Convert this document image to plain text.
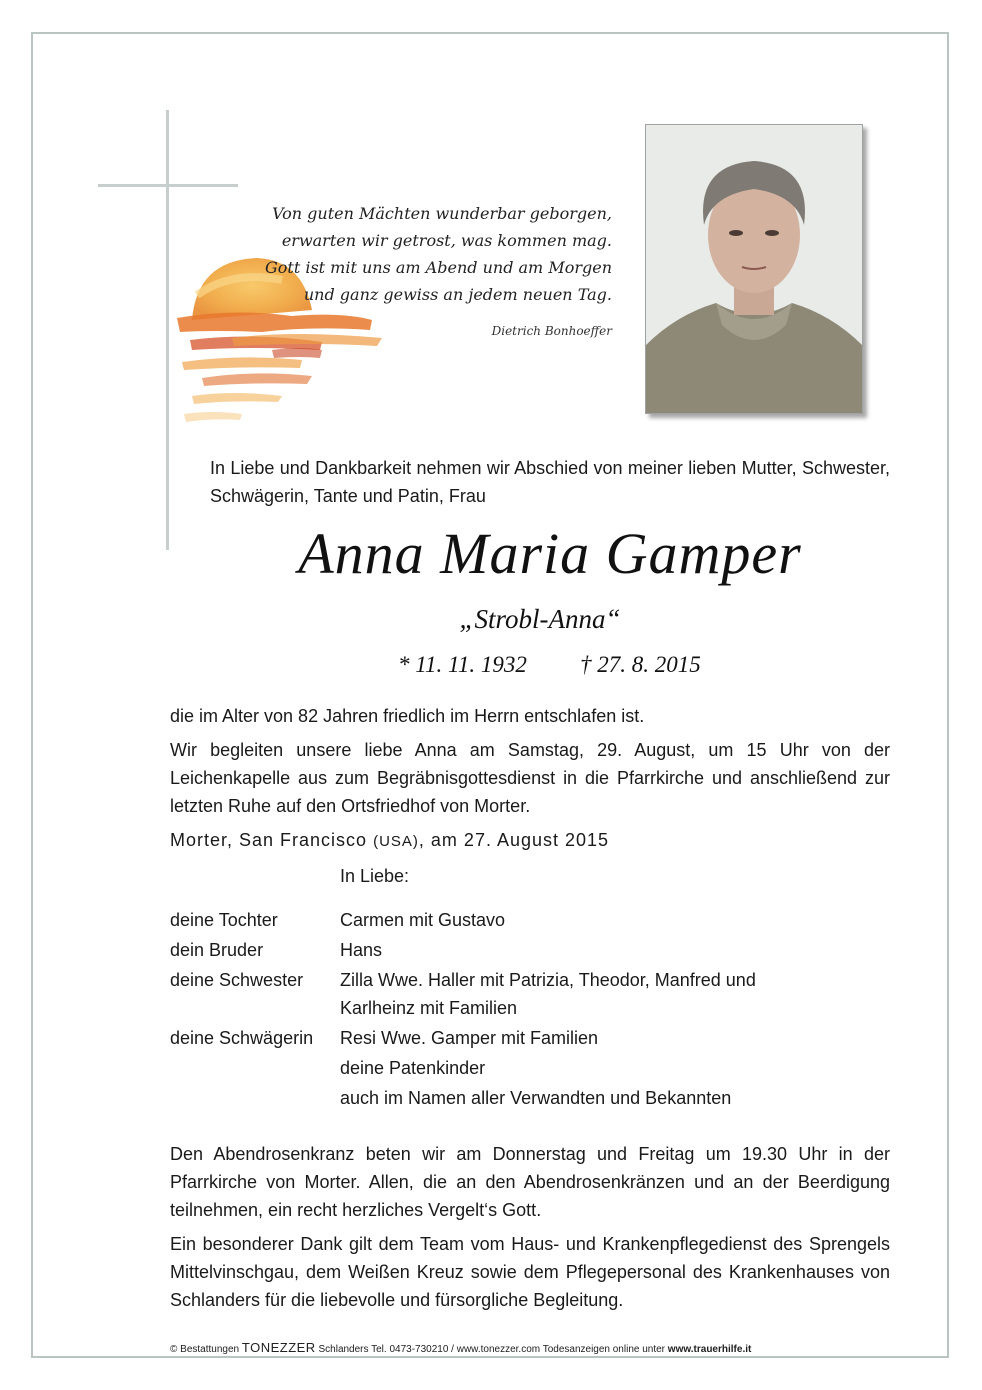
Von guten Mächten wunderbar geborgen,
erwarten wir getrost, was kommen mag.
Gott ist mit uns am Abend und am Morgen
und ganz gewiss an jedem neuen Tag.
Dietrich Bonhoeffer
In Liebe und Dankbarkeit nehmen wir Abschied von meiner lieben Mutter, Schwester, Schwägerin, Tante und Patin, Frau
Anna Maria Gamper
„Strobl-Anna“
* 11. 11. 1932 † 27. 8. 2015

die im Alter von 82 Jahren friedlich im Herrn entschlafen ist.

Wir begleiten unsere liebe Anna am Samstag, 29. August, um 15 Uhr von der Leichenkapelle aus zum Begräbnisgottesdienst in die Pfarrkirche und anschließend zur letzten Ruhe auf den Ortsfriedhof von Morter.

Morter, San Francisco (USA), am 27. August 2015

In Liebe:
deine Tochter	Carmen mit Gustavo
dein Bruder	Hans
deine Schwester	Zilla Wwe. Haller mit Patrizia, Theodor, Manfred und Karlheinz mit Familien
deine Schwägerin	Resi Wwe. Gamper mit Familien
deine Patenkinder
auch im Namen aller Verwandten und Bekannten

Den Abendrosenkranz beten wir am Donnerstag und Freitag um 19.30 Uhr in der Pfarrkirche von Morter. Allen, die an den Abendrosenkränzen und an der Beerdigung teilnehmen, ein recht herzliches Vergelt‘s Gott.

Ein besonderer Dank gilt dem Team vom Haus- und Krankenpflegedienst des Sprengels Mittelvinschgau, dem Weißen Kreuz sowie dem Pflegepersonal des Krankenhauses von Schlanders für die liebevolle und fürsorgliche Begleitung.

© Bestattungen TONEZZER Schlanders Tel. 0473-730210 / www.tonezzer.com Todesanzeigen online unter www.trauerhilfe.it
